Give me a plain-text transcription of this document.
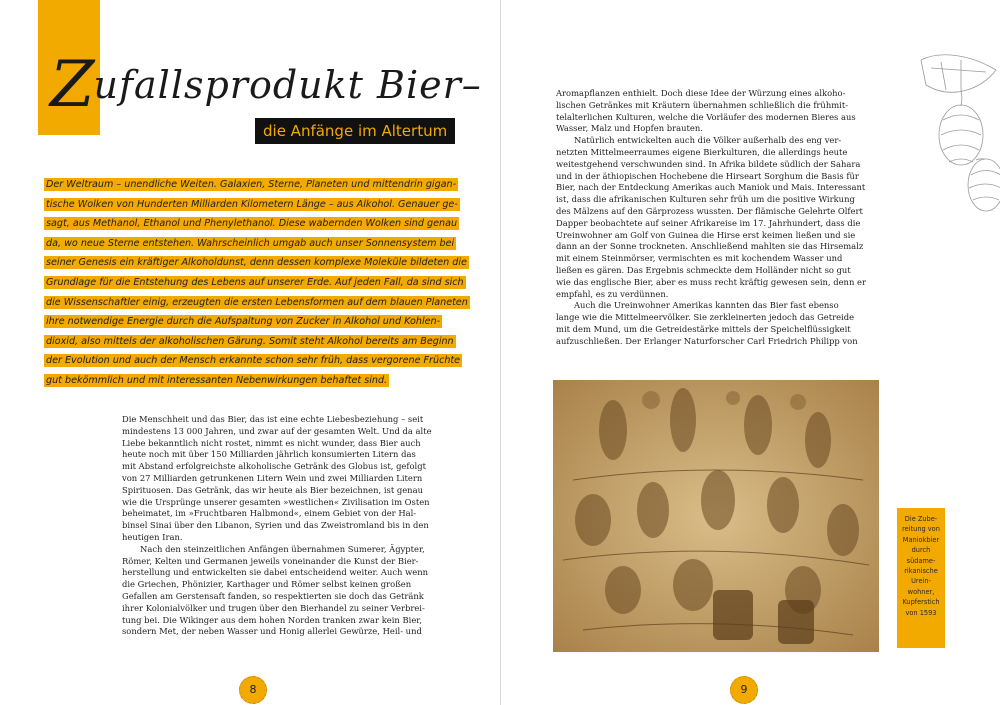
Zufallsprodukt Bier–
die Anfänge im Altertum
Der Weltraum – unendliche Weiten. Galaxien, Sterne, Planeten und mittendrin gigan-
tische Wolken von Hunderten Milliarden Kilometern Länge – aus Alkohol. Genauer ge-
sagt, aus Methanol, Ethanol und Phenylethanol. Diese wabernden Wolken sind genau
da, wo neue Sterne entstehen. Wahrscheinlich umgab auch unser Sonnensystem bei
seiner Genesis ein kräftiger Alkoholdunst, denn dessen komplexe Moleküle bildeten die
Grundlage für die Entstehung des Lebens auf unserer Erde. Auf jeden Fall, da sind sich
die Wissenschaftler einig, erzeugten die ersten Lebensformen auf dem blauen Planeten
ihre notwendige Energie durch die Aufspaltung von Zucker in Alkohol und Kohlen-
dioxid, also mittels der alkoholischen Gärung. Somit steht Alkohol bereits am Beginn
der Evolution und auch der Mensch erkannte schon sehr früh, dass vergorene Früchte
gut bekömmlich und mit interessanten Nebenwirkungen behaftet sind.
Die Menschheit und das Bier, das ist eine echte Liebesbeziehung – seit
mindestens 13 000 Jahren, und zwar auf der gesamten Welt. Und da alte
Liebe bekanntlich nicht rostet, nimmt es nicht wunder, dass Bier auch
heute noch mit über 150 Milliarden jährlich konsumierten Litern das
mit Abstand erfolgreichste alkoholische Getränk des Globus ist, gefolgt
von 27 Milliarden getrunkenen Litern Wein und zwei Milliarden Litern
Spirituosen. Das Getränk, das wir heute als Bier bezeichnen, ist genau
wie die Ursprünge unserer gesamten »westlichen« Zivilisation im Osten
beheimatet, im »Fruchtbaren Halbmond«, einem Gebiet von der Hal-
binsel Sinai über den Libanon, Syrien und das Zweistromland bis in den
heutigen Iran.
Nach den steinzeitlichen Anfängen übernahmen Sumerer, Ägypter,
Römer, Kelten und Germanen jeweils voneinander die Kunst der Bier-
herstellung und entwickelten sie dabei entscheidend weiter. Auch wenn
die Griechen, Phönizier, Karthager und Römer selbst keinen großen
Gefallen am Gerstensaft fanden, so respektierten sie doch das Getränk
ihrer Kolonialvölker und trugen über den Bierhandel zu seiner Verbrei-
tung bei. Die Wikinger aus dem hohen Norden tranken zwar kein Bier,
sondern Met, der neben Wasser und Honig allerlei Gewürze, Heil- und
8
Aromapflanzen enthielt. Doch diese Idee der Würzung eines alkoho-
lischen Getränkes mit Kräutern übernahmen schließlich die frühmit-
telalterlichen Kulturen, welche die Vorläufer des modernen Bieres aus
Wasser, Malz und Hopfen brauten.
Natürlich entwickelten auch die Völker außerhalb des eng ver-
netzten Mittelmeerraumes eigene Bierkulturen, die allerdings heute
weitestgehend verschwunden sind. In Afrika bildete südlich der Sahara
und in der äthiopischen Hochebene die Hirseart Sorghum die Basis für
Bier, nach der Entdeckung Amerikas auch Maniok und Mais. Interessant
ist, dass die afrikanischen Kulturen sehr früh um die positive Wirkung
des Mälzens auf den Gärprozess wussten. Der flämische Gelehrte Olfert
Dapper beobachtete auf seiner Afrikareise im 17. Jahrhundert, dass die
Ureinwohner am Golf von Guinea die Hirse erst keimen ließen und sie
dann an der Sonne trockneten. Anschließend mahlten sie das Hirsemalz
mit einem Steinmörser, vermischten es mit kochendem Wasser und
ließen es gären. Das Ergebnis schmeckte dem Holländer nicht so gut
wie das englische Bier, aber es muss recht kräftig gewesen sein, denn er
empfahl, es zu verdünnen.
Auch die Ureinwohner Amerikas kannten das Bier fast ebenso
lange wie die Mittelmeervölker. Sie zerkleinerten jedoch das Getreide
mit dem Mund, um die Getreidestärke mittels der Speichelflüssigkeit
aufzuschließen. Der Erlanger Naturforscher Carl Friedrich Philipp von
Die Zube-
reitung von
Maniokbier
durch
südame-
rikanische
Urein-
wohner,
Kupferstich
von 1593
9
